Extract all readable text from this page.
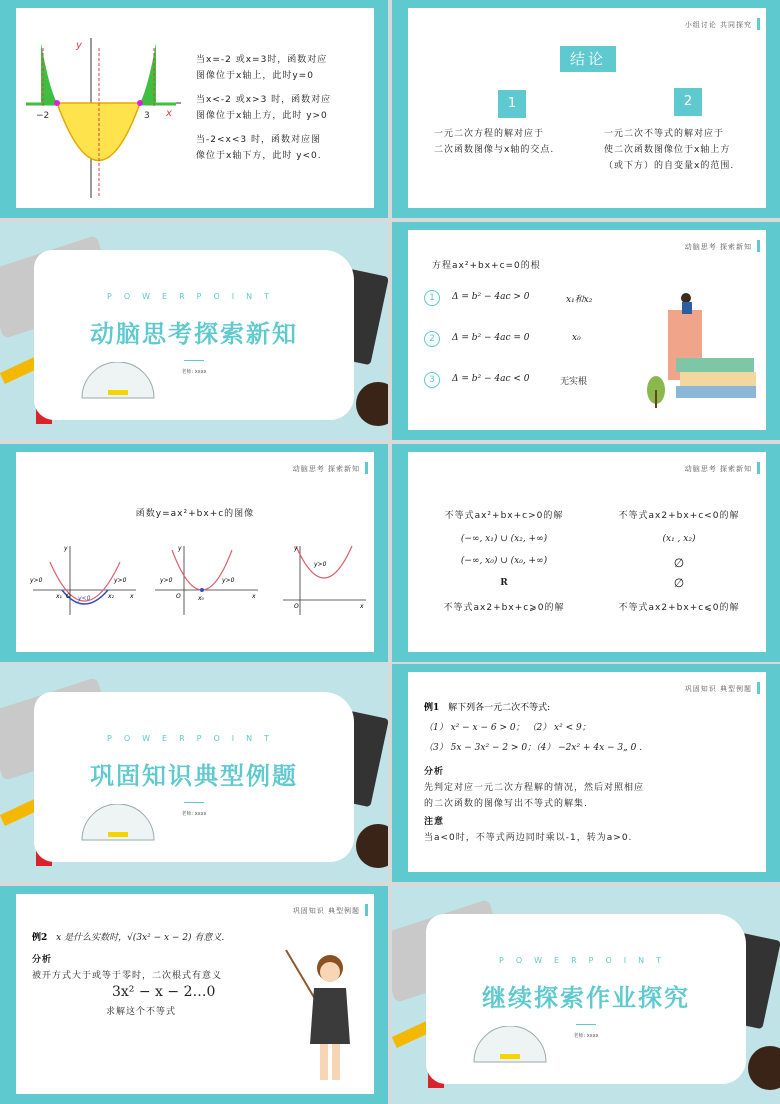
y
x
−2	3
当x=-2 或x=3时，函数对应
图像位于x轴上，此时y=0
当x<-2 或x>3 时，函数对应
图像位于x轴上方，此时 y>0
当-2<x<3 时，函数对应图
像位于x轴下方，此时 y<0.
小组讨论 共同探究
结论
1	2
一元二次方程的解对应于
二次函数图像与x轴的交点.
一元二次不等式的解对应于
使二次函数图像位于x轴上方
（或下方）的自变量x的范围.
POWERPOINT
动脑思考探索新知
老师: xxxx
动脑思考 探索新知
方程ax²+bx+c=0的根
1	Δ = b² − 4ac > 0	x₁和x₂
2	Δ = b² − 4ac = 0	x₀
3	Δ = b² − 4ac < 0	无实根
动脑思考 探索新知
函数y=ax²+bx+c的图像
y
O
x₁	x₂
y>0	y>0
y<0	x
y
O	x₀
y>0	y>0
x
y
O
y>0
x
动脑思考 探索新知
不等式ax²+bx+c>0的解	不等式ax2+bx+c<0的解
(−∞, x₁) ∪ (x₂, +∞)	(x₁ , x₂)
(−∞, x₀) ∪ (x₀, +∞)	∅
R	∅
不等式ax2+bx+c⩾0的解	不等式ax2+bx+c⩽0的解
POWERPOINT
巩固知识典型例题
老师: xxxx
巩固知识 典型例题
例1 解下列各一元二次不等式:
（1） x² − x − 6 > 0； （2） x² < 9；
（3） 5x − 3x² − 2 > 0；（4） −2x² + 4x − 3„ 0 .
分析
先判定对应一元二次方程解的情况，然后对照相应
的二次函数的图像写出不等式的解集.
注意
当a<0时，不等式两边同时乘以-1，转为a>0.
巩固知识 典型例题
例2 x 是什么实数时，√(3x² − x − 2) 有意义.
分析
被开方式大于或等于零时，二次根式有意义
3x² − x − 2…0
求解这个不等式
POWERPOINT
继续探索作业探究
老师: xxxx
